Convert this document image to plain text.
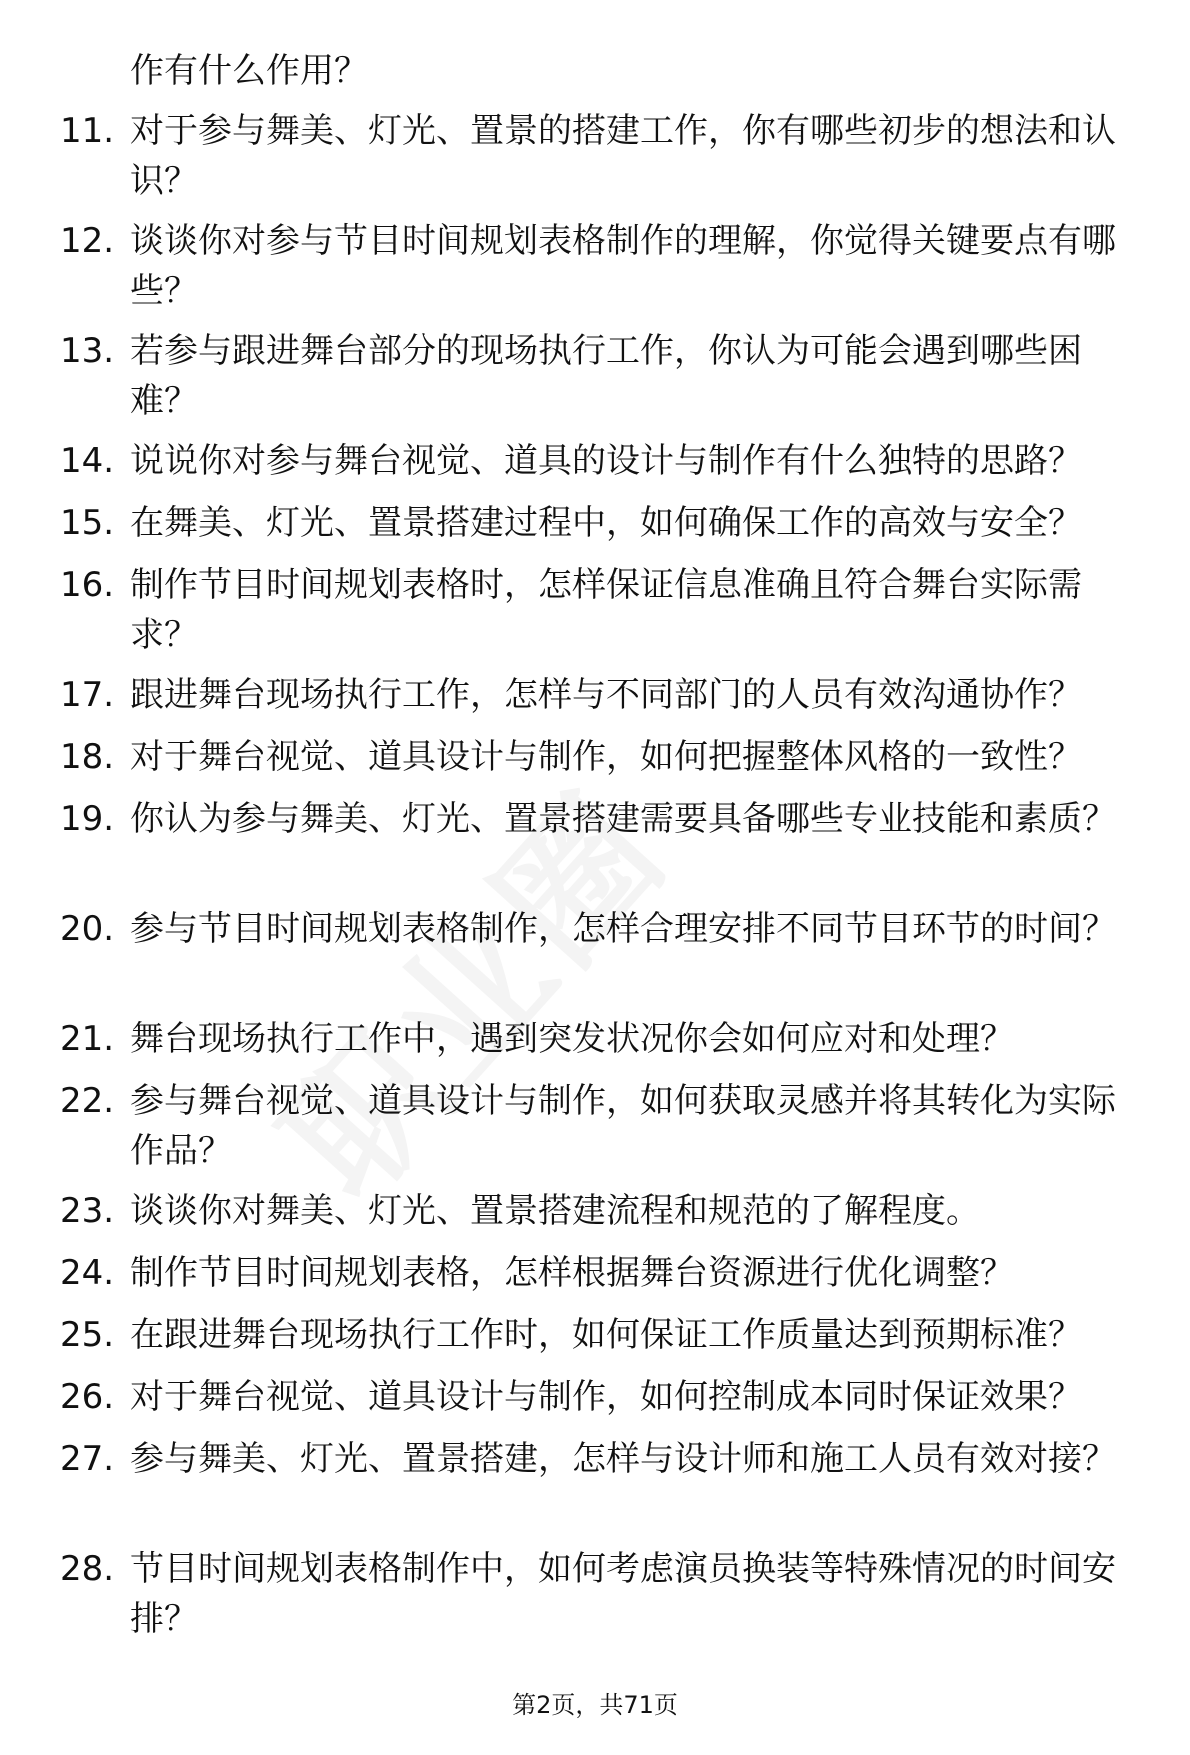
作有什么作用？
11. 对于参与舞美、灯光、置景的搭建工作，你有哪些初步的想法和认识？
12. 谈谈你对参与节目时间规划表格制作的理解，你觉得关键要点有哪些？
13. 若参与跟进舞台部分的现场执行工作，你认为可能会遇到哪些困难？
14. 说说你对参与舞台视觉、道具的设计与制作有什么独特的思路？
15. 在舞美、灯光、置景搭建过程中，如何确保工作的高效与安全？
16. 制作节目时间规划表格时，怎样保证信息准确且符合舞台实际需求？
17. 跟进舞台现场执行工作，怎样与不同部门的人员有效沟通协作？
18. 对于舞台视觉、道具设计与制作，如何把握整体风格的一致性？
19. 你认为参与舞美、灯光、置景搭建需要具备哪些专业技能和素质？
20. 参与节目时间规划表格制作，怎样合理安排不同节目环节的时间？
21. 舞台现场执行工作中，遇到突发状况你会如何应对和处理？
22. 参与舞台视觉、道具设计与制作，如何获取灵感并将其转化为实际作品？
23. 谈谈你对舞美、灯光、置景搭建流程和规范的了解程度。
24. 制作节目时间规划表格，怎样根据舞台资源进行优化调整？
25. 在跟进舞台现场执行工作时，如何保证工作质量达到预期标准？
26. 对于舞台视觉、道具设计与制作，如何控制成本同时保证效果？
27. 参与舞美、灯光、置景搭建，怎样与设计师和施工人员有效对接？
28. 节目时间规划表格制作中，如何考虑演员换装等特殊情况的时间安排？
第2页，共71页
